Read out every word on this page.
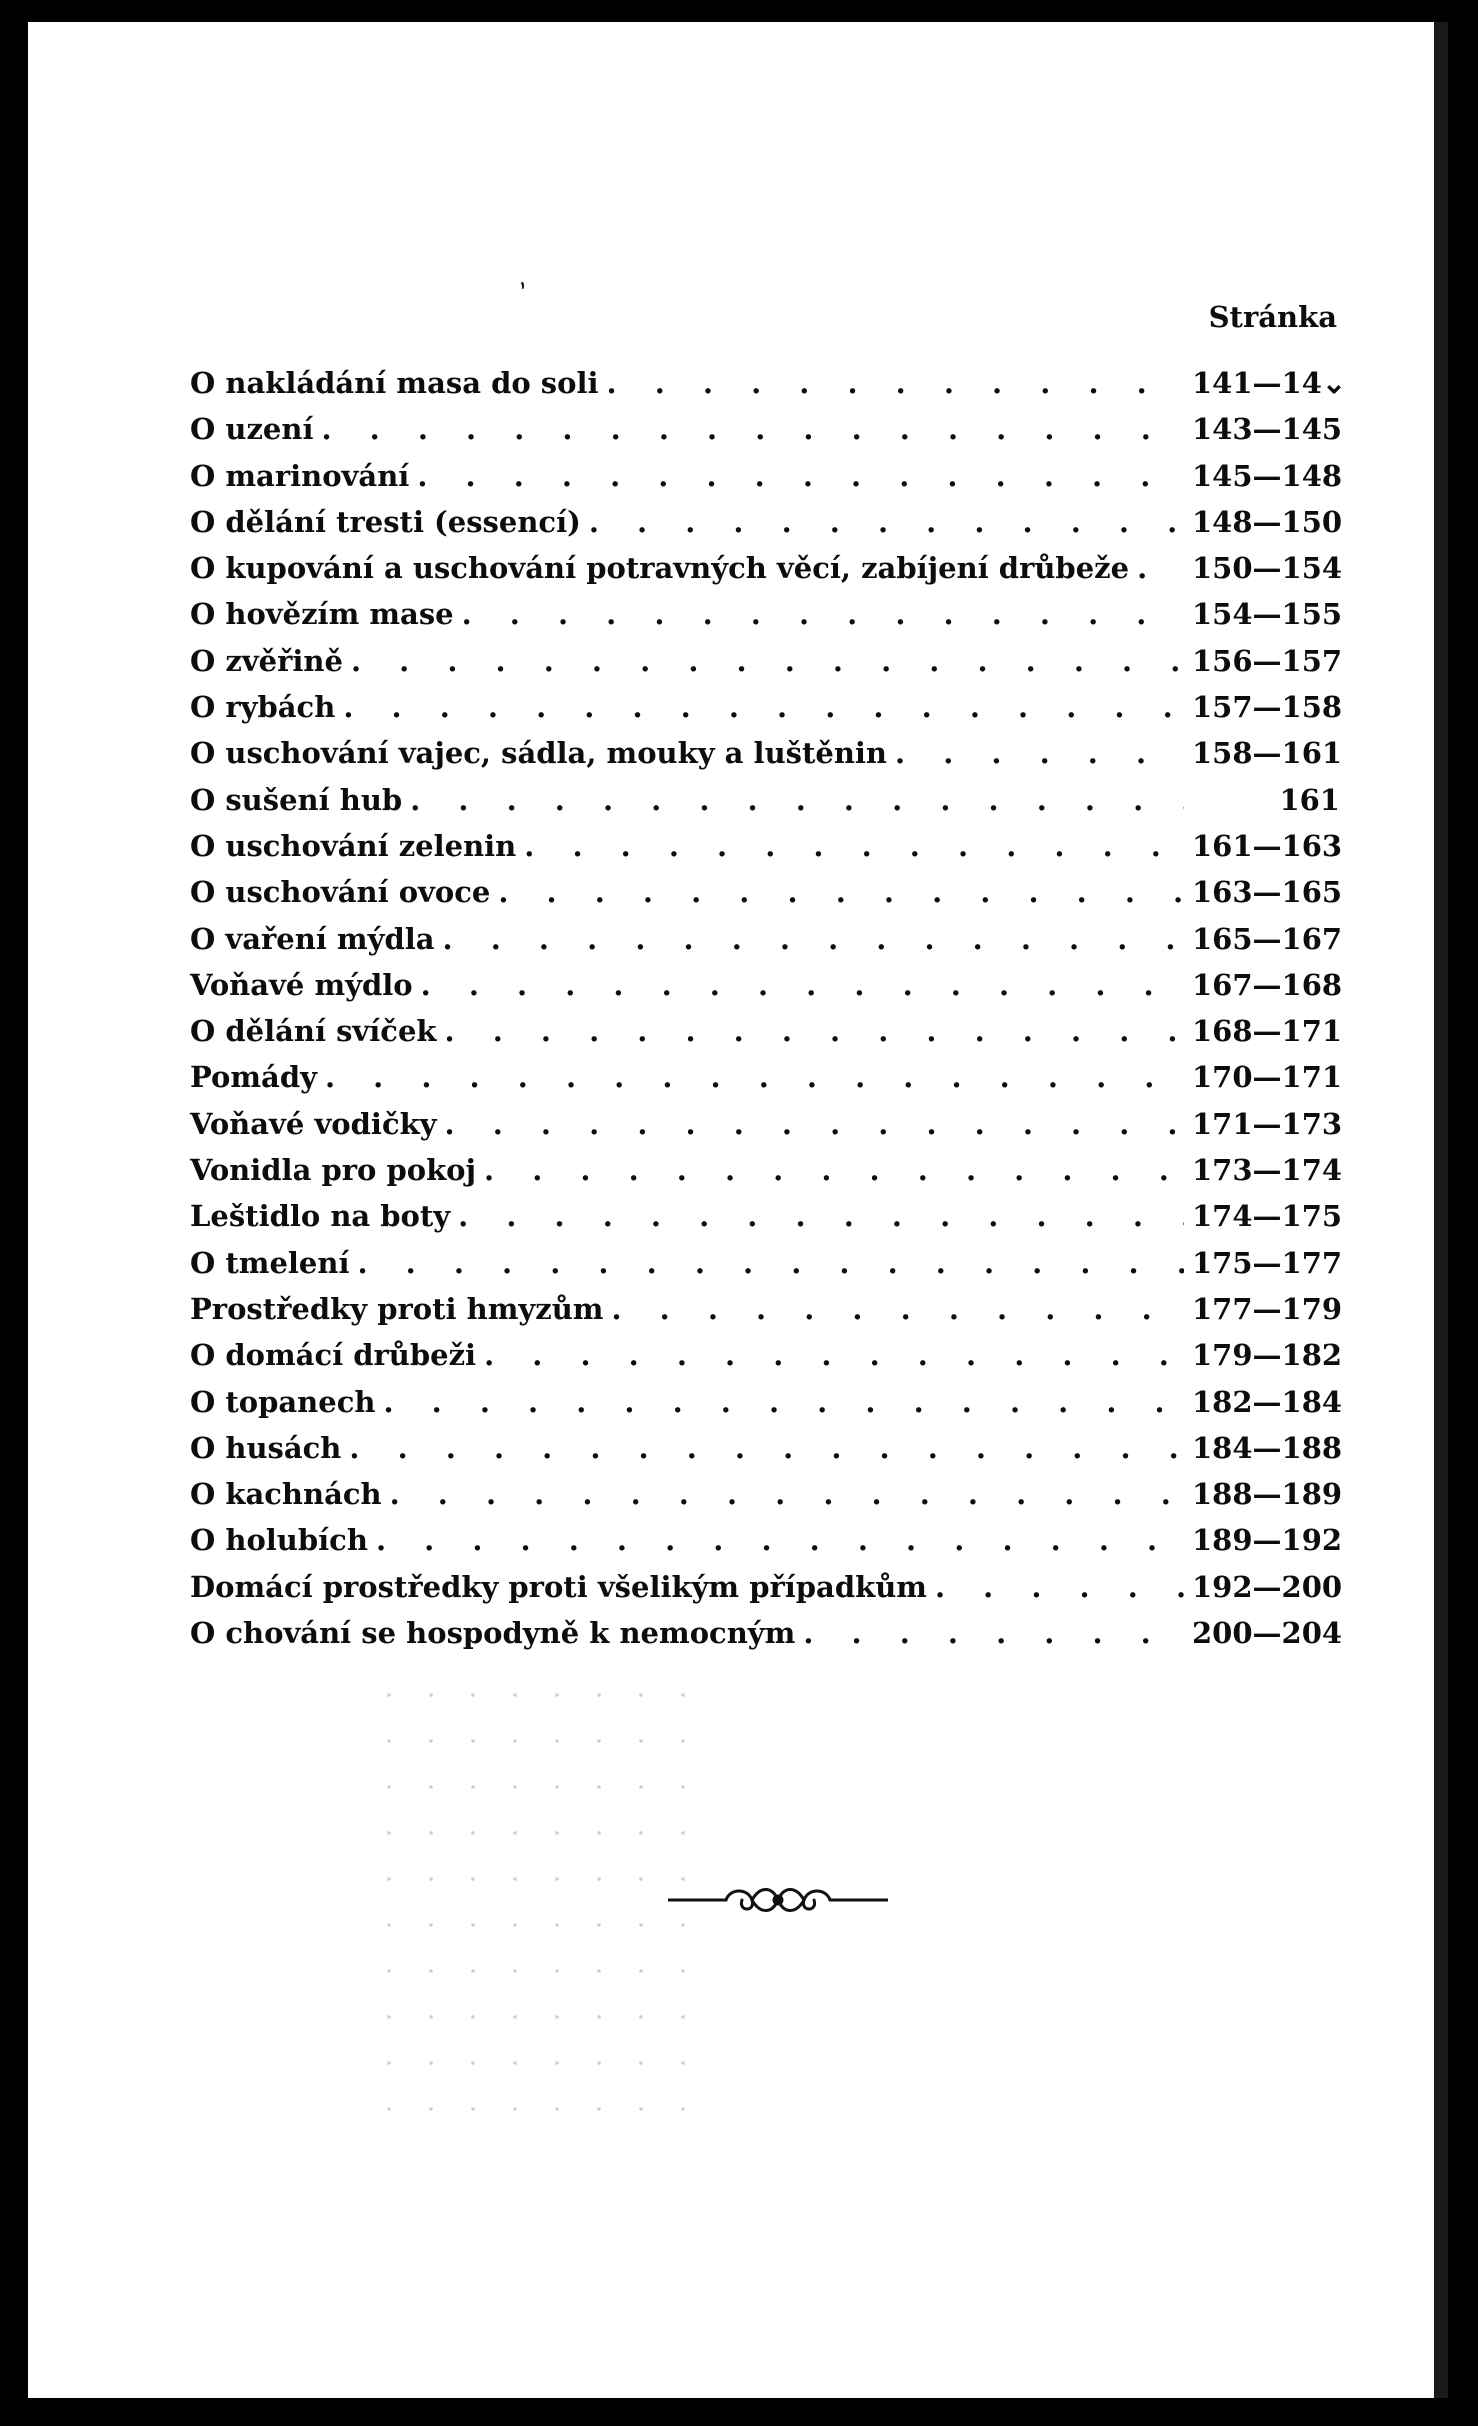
ʼ
Stránka
O nakládání masa do soli . . .	141—14⌄
O uzení . . .	143—145
O marinování . . .	145—148
O dělání tresti (essencí) . . .	148—150
O kupování a uschování potravných věcí, zabíjení drůbeže . . . 150—154
O hovězím mase . . .	154—155
O zvěřině . . .	156—157
O rybách . . .	157—158
O uschování vajec, sádla, mouky a luštěnin . . .	158—161
O sušení hub . . .	161
O uschování zelenin . . .	161—163
O uschování ovoce . . .	163—165
O vaření mýdla . . .	165—167
Voňavé mýdlo . . .	167—168
O dělání svíček . . .	168—171
Pomády . . .	170—171
Voňavé vodičky . . .	171—173
Vonidla pro pokoj . . .	173—174
Leštidlo na boty . . .	174—175
O tmelení . . .	175—177
Prostředky proti hmyzům . . .	177—179
O domácí drůbeži . . .	179—182
O topanech . . .	182—184
O husách . . .	184—188
O kachnách . . .	188—189
O holubích . . .	189—192
Domácí prostředky proti všelikým případkům . . .	192—200
O chování se hospodyně k nemocným . . .	200—204
